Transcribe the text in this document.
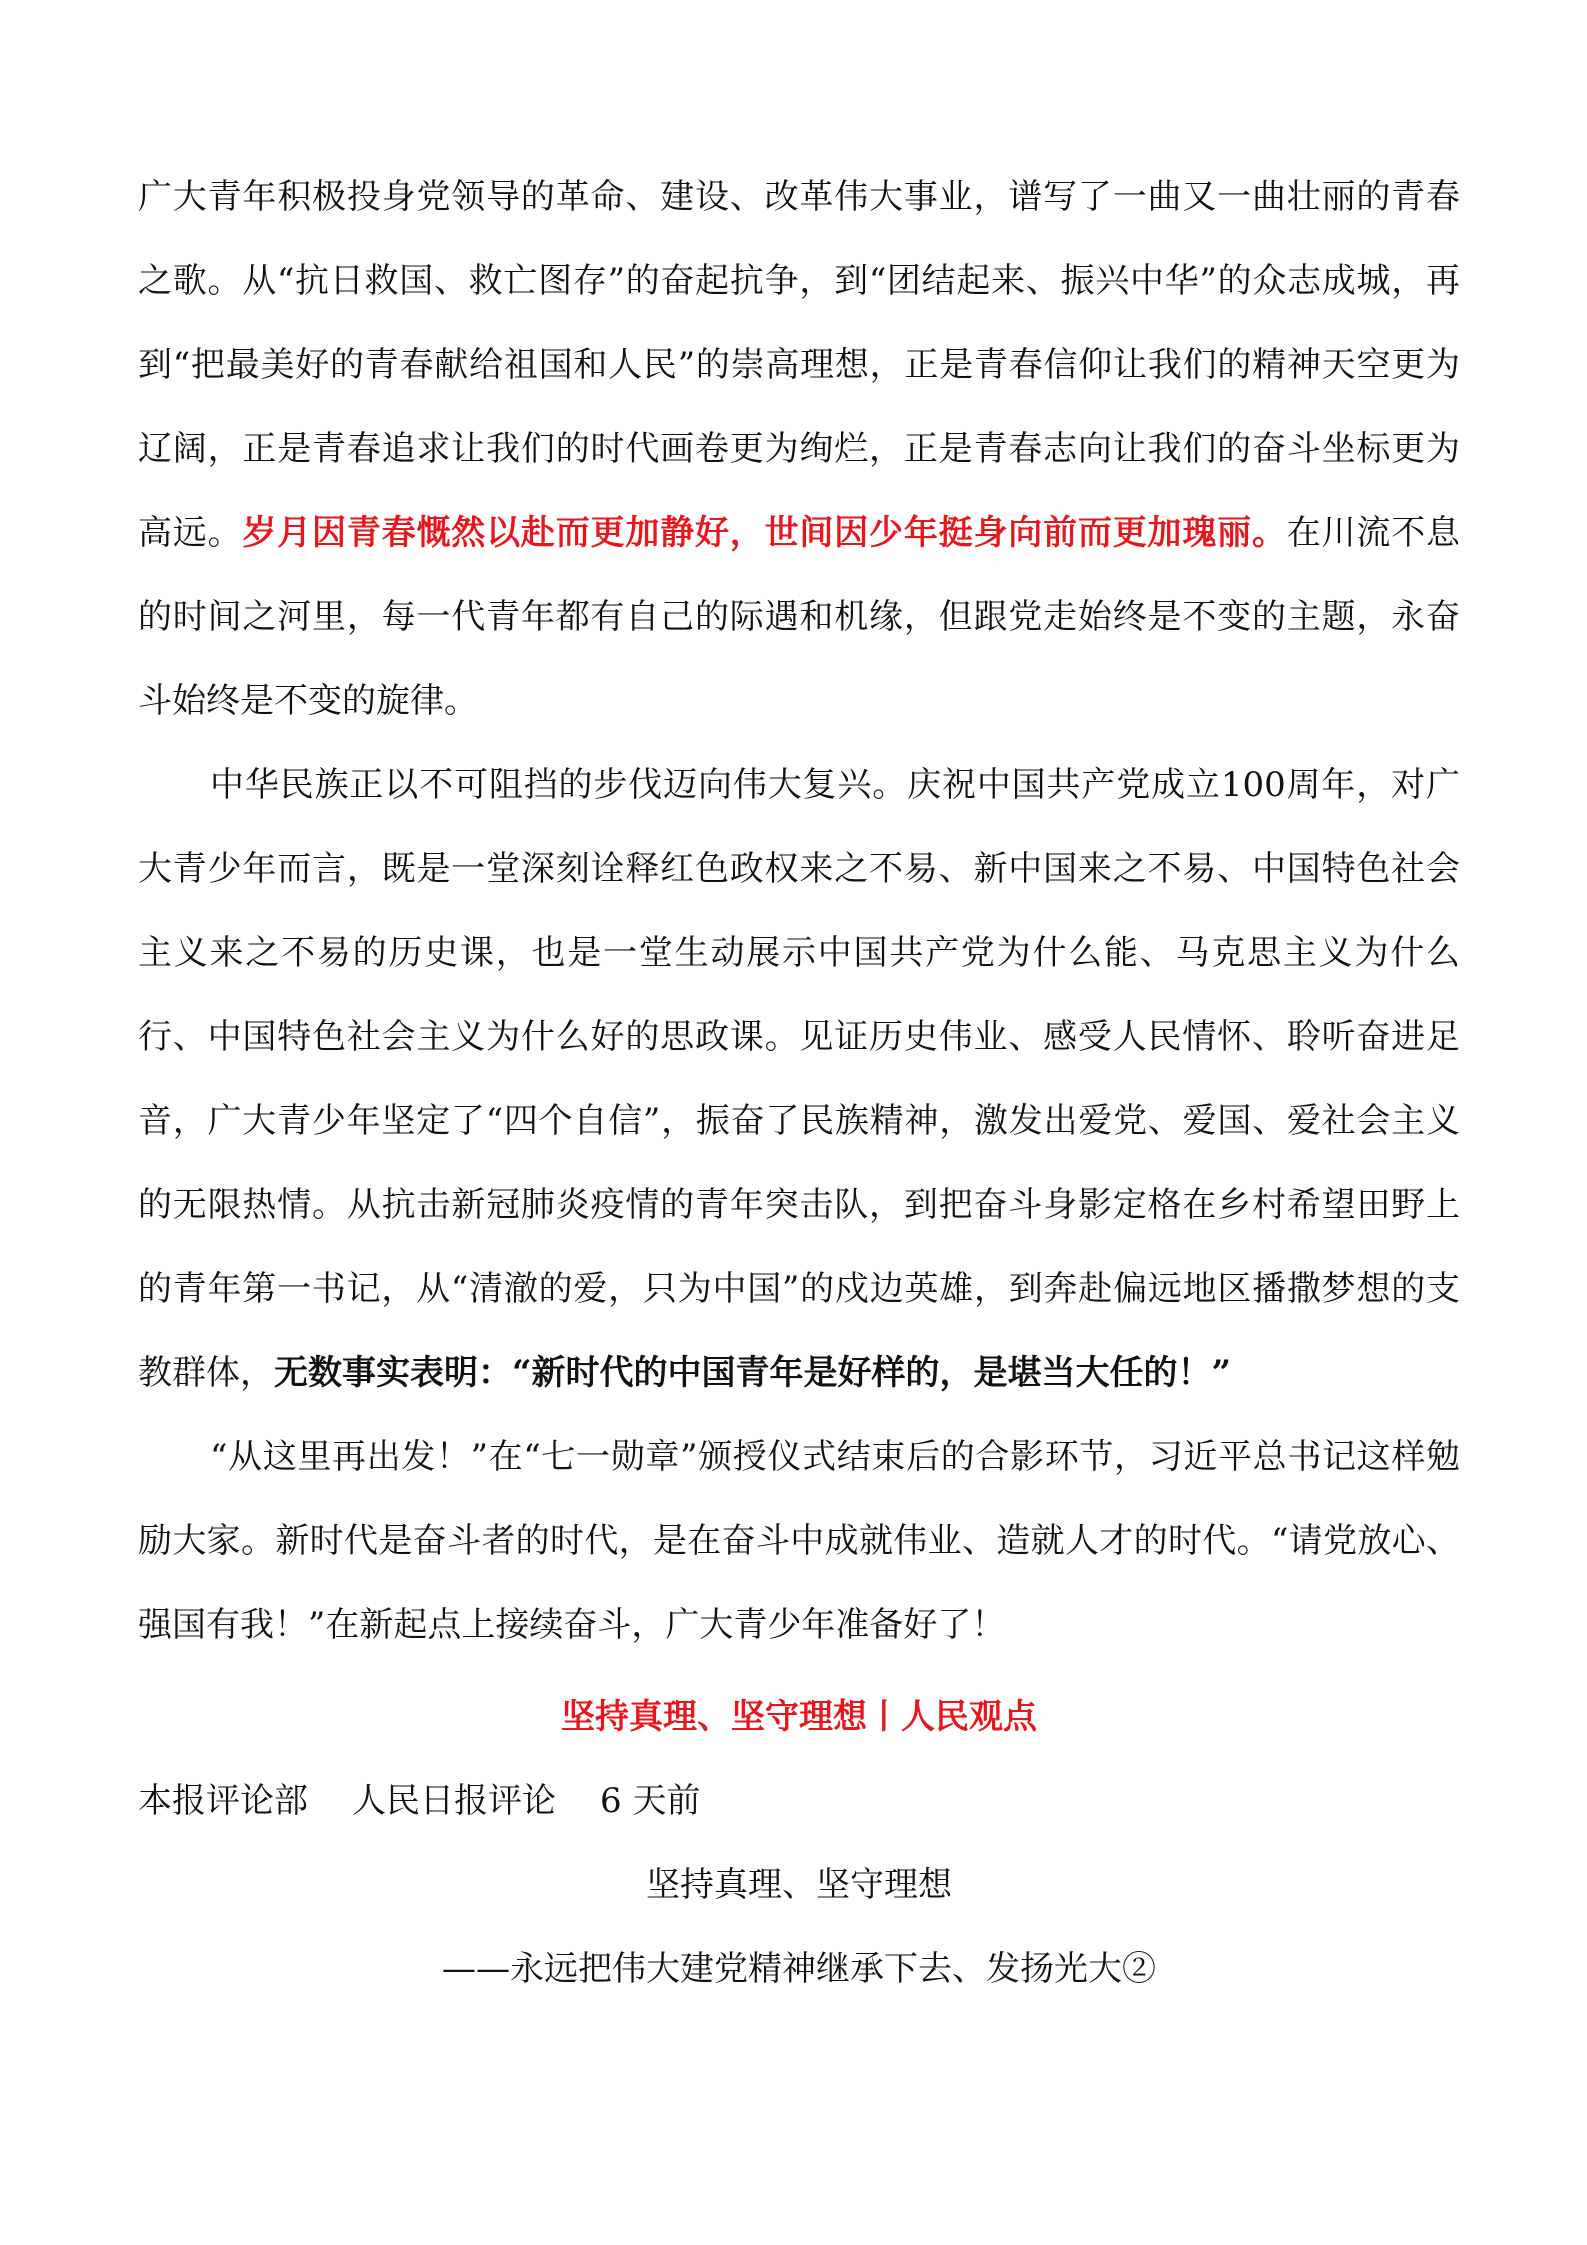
广大青年积极投身党领导的革命、建设、改革伟大事业，谱写了一曲又一曲壮丽的青春之歌。从“抗日救国、救亡图存”的奋起抗争，到“团结起来、振兴中华”的众志成城，再到“把最美好的青春献给祖国和人民”的崇高理想，正是青春信仰让我们的精神天空更为辽阔，正是青春追求让我们的时代画卷更为绚烂，正是青春志向让我们的奋斗坐标更为高远。岁月因青春慨然以赴而更加静好，世间因少年挺身向前而更加瑰丽。在川流不息的时间之河里，每一代青年都有自己的际遇和机缘，但跟党走始终是不变的主题，永奋斗始终是不变的旋律。

中华民族正以不可阻挡的步伐迈向伟大复兴。庆祝中国共产党成立100周年，对广大青少年而言，既是一堂深刻诠释红色政权来之不易、新中国来之不易、中国特色社会主义来之不易的历史课，也是一堂生动展示中国共产党为什么能、马克思主义为什么行、中国特色社会主义为什么好的思政课。见证历史伟业、感受人民情怀、聆听奋进足音，广大青少年坚定了“四个自信”，振奋了民族精神，激发出爱党、爱国、爱社会主义的无限热情。从抗击新冠肺炎疫情的青年突击队，到把奋斗身影定格在乡村希望田野上的青年第一书记，从“清澈的爱，只为中国”的戍边英雄，到奔赴偏远地区播撒梦想的支教群体，无数事实表明：“新时代的中国青年是好样的，是堪当大任的！”

“从这里再出发！”在“七一勋章”颁授仪式结束后的合影环节，习近平总书记这样勉励大家。新时代是奋斗者的时代，是在奋斗中成就伟业、造就人才的时代。“请党放心、强国有我！”在新起点上接续奋斗，广大青少年准备好了！

坚持真理、坚守理想丨人民观点

本报评论部 人民日报评论 6 天前

坚持真理、坚守理想

——永远把伟大建党精神继承下去、发扬光大②
